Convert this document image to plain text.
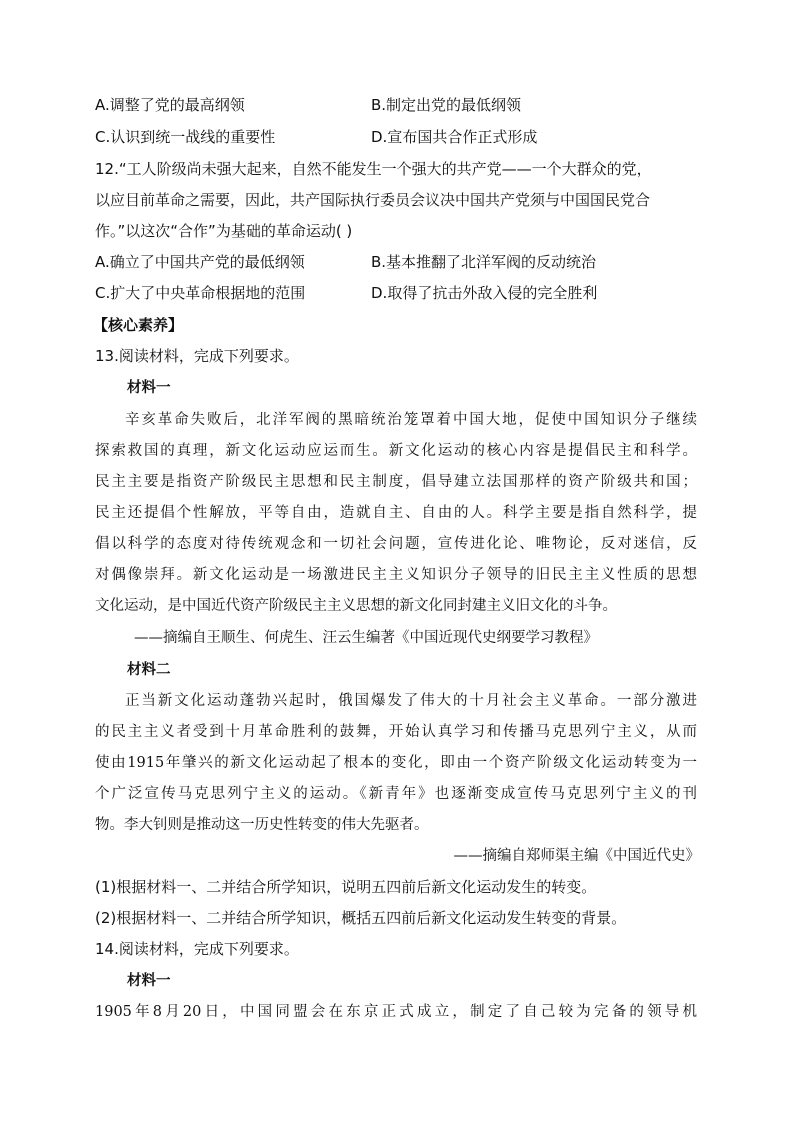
A.调整了党的最高纲领	B.制定出党的最低纲领
C.认识到统一战线的重要性	D.宣布国共合作正式形成
12.“工人阶级尚未强大起来，自然不能发生一个强大的共产党——一个大群众的党，
以应目前革命之需要，因此，共产国际执行委员会议决中国共产党须与中国国民党合
作。”以这次“合作”为基础的革命运动( )
A.确立了中国共产党的最低纲领	B.基本推翻了北洋军阀的反动统治
C.扩大了中央革命根据地的范围	D.取得了抗击外敌入侵的完全胜利
【核心素养】
13.阅读材料，完成下列要求。
材料一
辛亥革命失败后，北洋军阀的黑暗统治笼罩着中国大地，促使中国知识分子继续
探索救国的真理，新文化运动应运而生。新文化运动的核心内容是提倡民主和科学。
民主主要是指资产阶级民主思想和民主制度，倡导建立法国那样的资产阶级共和国；
民主还提倡个性解放，平等自由，造就自主、自由的人。科学主要是指自然科学，提
倡以科学的态度对待传统观念和一切社会问题，宣传进化论、唯物论，反对迷信，反
对偶像崇拜。新文化运动是一场激进民主主义知识分子领导的旧民主主义性质的思想
文化运动，是中国近代资产阶级民主主义思想的新文化同封建主义旧文化的斗争。
——摘编自王顺生、何虎生、汪云生编著《中国近现代史纲要学习教程》
材料二
正当新文化运动蓬勃兴起时，俄国爆发了伟大的十月社会主义革命。一部分激进
的民主主义者受到十月革命胜利的鼓舞，开始认真学习和传播马克思列宁主义，从而
使由1915年肇兴的新文化运动起了根本的变化，即由一个资产阶级文化运动转变为一
个广泛宣传马克思列宁主义的运动。《新青年》也逐渐变成宣传马克思列宁主义的刊
物。李大钊则是推动这一历史性转变的伟大先驱者。
——摘编自郑师渠主编《中国近代史》
(1)根据材料一、二并结合所学知识，说明五四前后新文化运动发生的转变。
(2)根据材料一、二并结合所学知识，概括五四前后新文化运动发生转变的背景。
14.阅读材料，完成下列要求。
材料一
1905年8月20日，中国同盟会在东京正式成立，制定了自己较为完备的领导机
